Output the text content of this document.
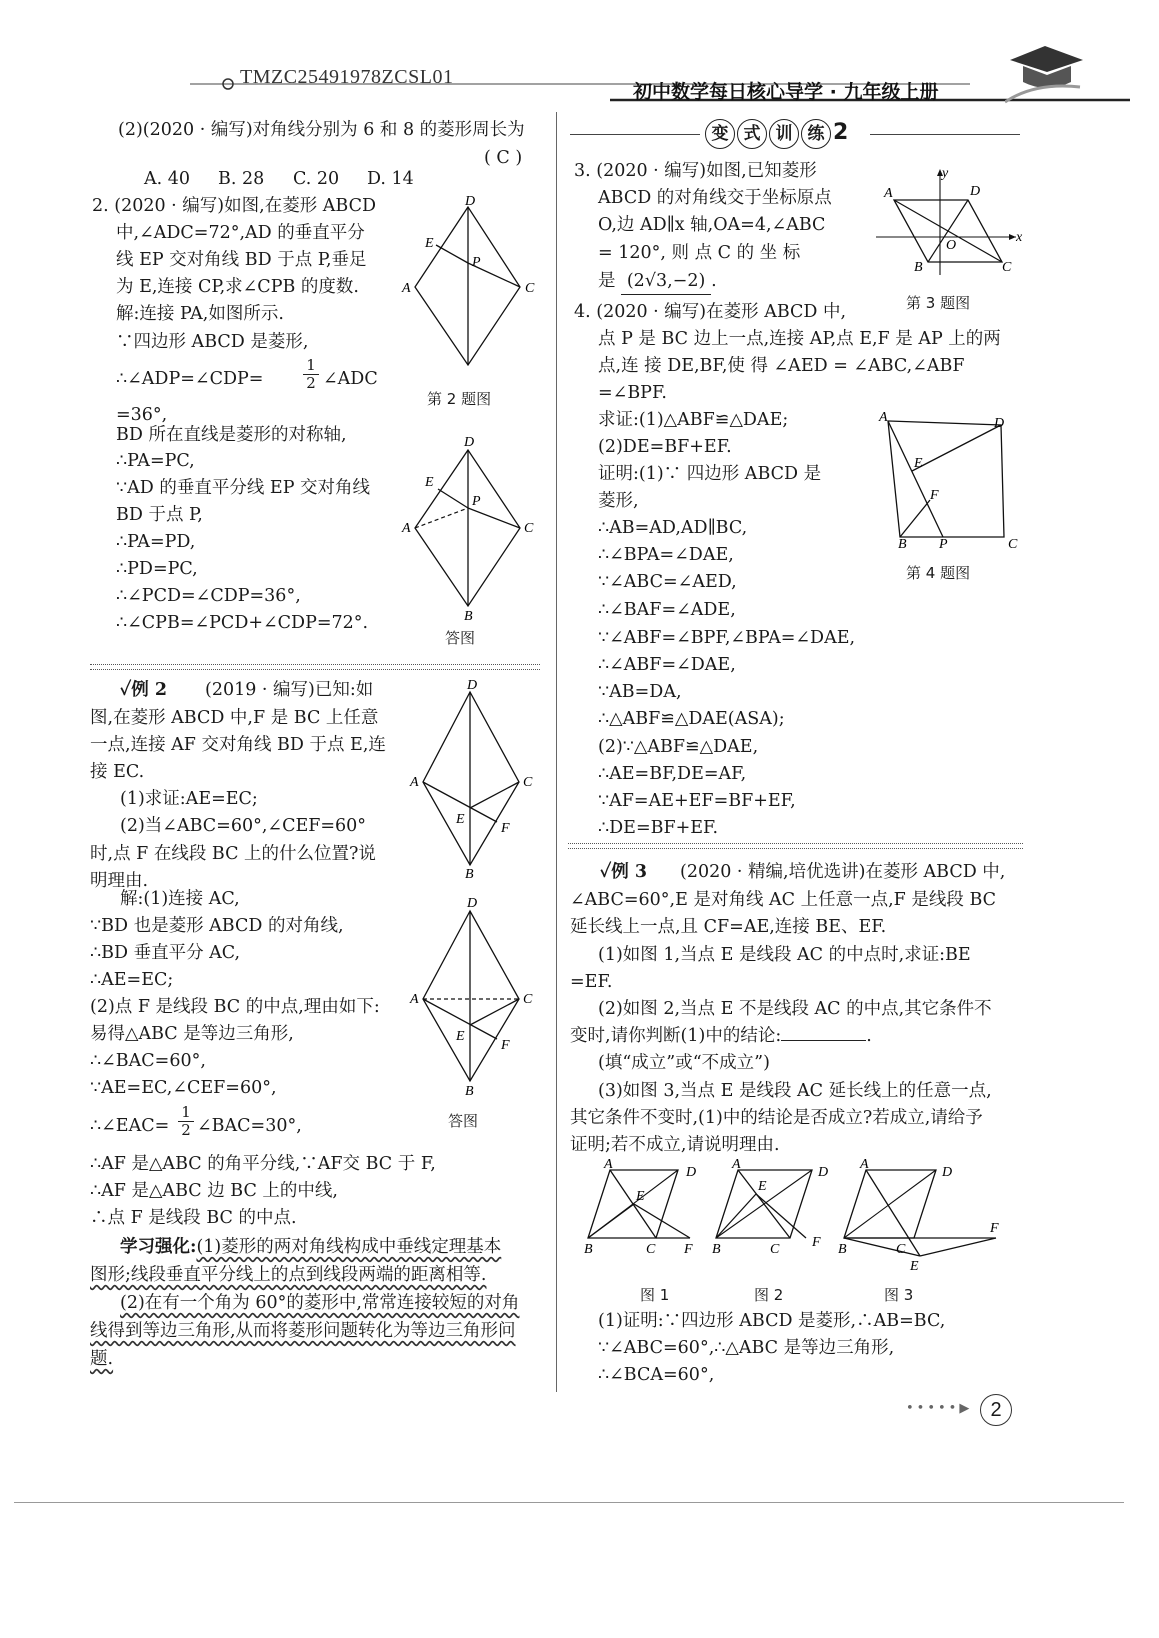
TMZC25491978ZCSL01
初中数学每日核心导学 · 九年级上册
(2)(2020 · 编写)对角线分别为 6 和 8 的菱形周长为
( C )
A. 40 B. 28 C. 20 D. 14
2. (2020 · 编写)如图,在菱形 ABCD
中,∠ADC=72°,AD 的垂直平分
线 EP 交对角线 BD 于点 P,垂足
为 E,连接 CP,求∠CPB 的度数.
解:连接 PA,如图所示.
∵四边形 ABCD 是菱形,
∴∠ADP=∠CDP=	$\frac{1}{2}$ ∠ADC
=36°,
BD 所在直线是菱形的对称轴,
∴PA=PC,
∵AD 的垂直平分线 EP 交对角线
BD 于点 P,
∴PA=PD,
∴PD=PC,
∴∠PCD=∠CDP=36°,
∴∠CPB=∠PCD+∠CDP=72°.
D
A	C
E
P
第 2 题图
D
A	C
E
P
B
答图
✓例 2 (2019 · 编写)已知:如
图,在菱形 ABCD 中,F 是 BC 上任意
一点,连接 AF 交对角线 BD 于点 E,连
接 EC.
(1)求证:AE=EC;
(2)当∠ABC=60°,∠CEF=60°
时,点 F 在线段 BC 上的什么位置?说
明理由.
解:(1)连接 AC,
∵BD 也是菱形 ABCD 的对角线,
∴BD 垂直平分 AC,
∴AE=EC;
(2)点 F 是线段 BC 的中点,理由如下:
易得△ABC 是等边三角形,
∴∠BAC=60°,
∵AE=EC,∠CEF=60°,
∴∠EAC= $\frac{1}{2}$ ∠BAC=30°,
∴AF 是△ABC 的角平分线,∵AF交 BC 于 F,
∴AF 是△ABC 边 BC 上的中线,
∴点 F 是线段 BC 的中点.
D
A	C
E
F
B
D
A	C
E
F
B
答图
学习强化:(1)菱形的两对角线构成中垂线定理基本
图形;线段垂直平分线上的点到线段两端的距离相等.
(2)在有一个角为 60°的菱形中,常常连接较短的对角
线得到等边三角形,从而将菱形问题转化为等边三角形问
题.
变 式 训 练 2
3. (2020 · 编写)如图,已知菱形
ABCD 的对角线交于坐标原点
O,边 AD∥x 轴,OA=4,∠ABC
= 120°, 则 点 C 的 坐 标
是 (2√3,−2) .
A	D
y
x
O
B	C
第 3 题图
4. (2020 · 编写)在菱形 ABCD 中,
点 P 是 BC 边上一点,连接 AP,点 E,F 是 AP 上的两
点,连 接 DE,BF,使 得 ∠AED = ∠ABC,∠ABF
=∠BPF.
求证:(1)△ABF≌△DAE;
(2)DE=BF+EF.
证明:(1)∵ 四边形 ABCD 是
菱形,
∴AB=AD,AD∥BC,
∴∠BPA=∠DAE,
∵∠ABC=∠AED,
∴∠BAF=∠ADE,
∵∠ABF=∠BPF,∠BPA=∠DAE,
∴∠ABF=∠DAE,
∵AB=DA,
∴△ABF≌△DAE(ASA);
(2)∵△ABF≌△DAE,
∴AE=BF,DE=AF,
∵AF=AE+EF=BF+EF,
∴DE=BF+EF.
A	D
E
F
B P	C
第 4 题图
✓例 3 (2020 · 精编,培优选讲)在菱形 ABCD 中,
∠ABC=60°,E 是对角线 AC 上任意一点,F 是线段 BC
延长线上一点,且 CF=AE,连接 BE、EF.
(1)如图 1,当点 E 是线段 AC 的中点时,求证:BE
=EF.
(2)如图 2,当点 E 不是线段 AC 的中点,其它条件不
变时,请你判断(1)中的结论:	.
(填“成立”或“不成立”)
(3)如图 3,当点 E 是线段 AC 延长线上的任意一点,
其它条件不变时,(1)中的结论是否成立?若成立,请给予
证明;若不成立,请说明理由.
A
D
E
B	C F
A
D
E
B	C F
A
D
B	C
F
E
图 1	图 2	图 3
(1)证明:∵四边形 ABCD 是菱形,∴AB=BC,
∵∠ABC=60°,∴△ABC 是等边三角形,
∴∠BCA=60°,
•••••▶ 2
